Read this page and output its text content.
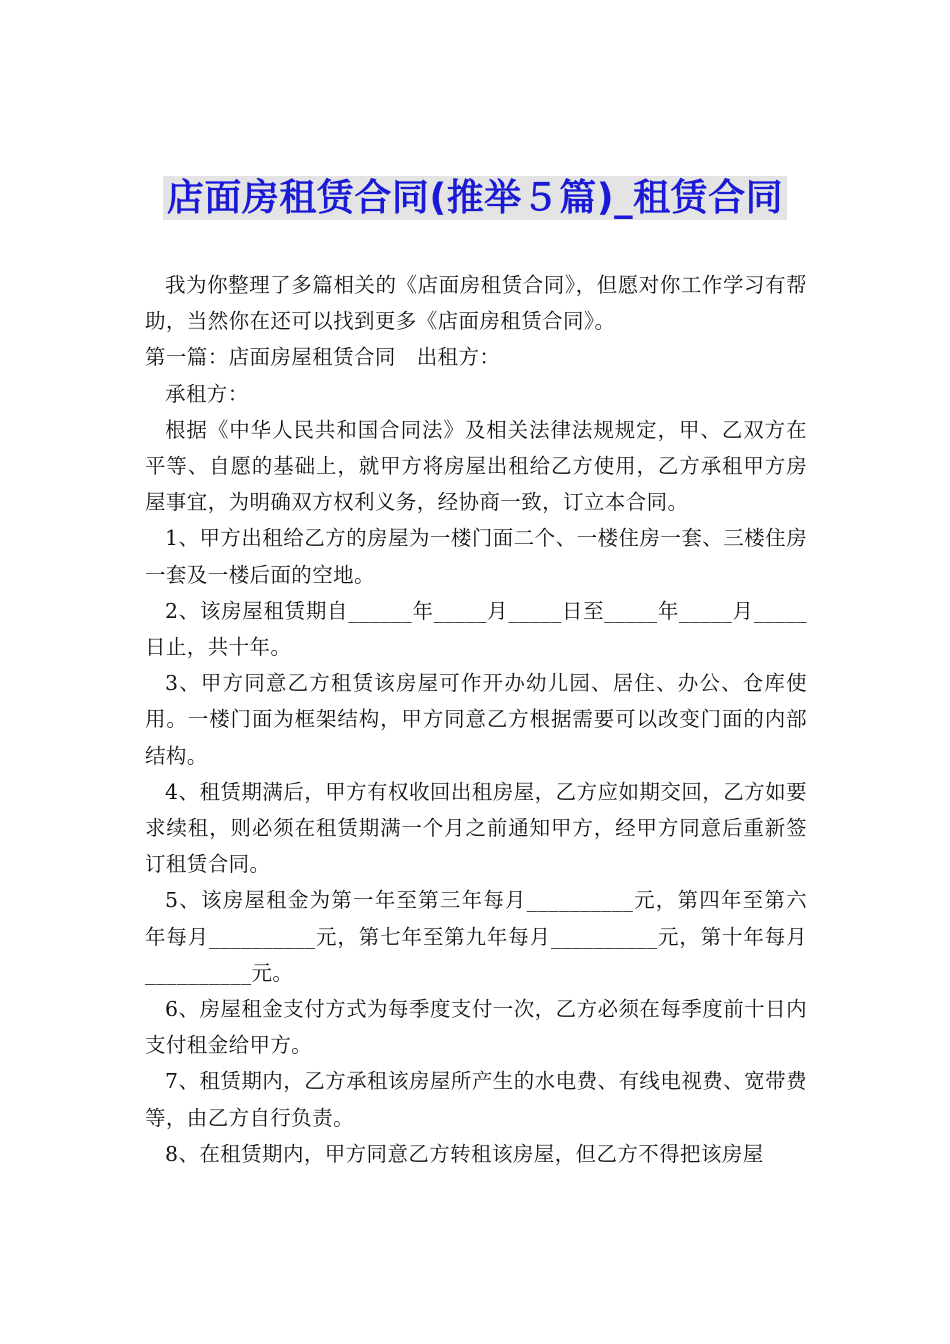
店面房租赁合同(推举５篇)_租赁合同

我为你整理了多篇相关的《店面房租赁合同》，但愿对你工作学习有帮助，当然你在还可以找到更多《店面房租赁合同》。

第一篇：店面房屋租赁合同　出租方：

承租方：

根据《中华人民共和国合同法》及相关法律法规规定，甲、乙双方在平等、自愿的基础上，就甲方将房屋出租给乙方使用，乙方承租甲方房屋事宜，为明确双方权利义务，经协商一致，订立本合同。

1、甲方出租给乙方的房屋为一楼门面二个、一楼住房一套、三楼住房一套及一楼后面的空地。

2、该房屋租赁期自______年_____月_____日至_____年_____月_____日止，共十年。

3、甲方同意乙方租赁该房屋可作开办幼儿园、居住、办公、仓库使用。一楼门面为框架结构，甲方同意乙方根据需要可以改变门面的内部结构。

4、租赁期满后，甲方有权收回出租房屋，乙方应如期交回，乙方如要求续租，则必须在租赁期满一个月之前通知甲方，经甲方同意后重新签订租赁合同。

5、该房屋租金为第一年至第三年每月__________元，第四年至第六年每月__________元，第七年至第九年每月__________元，第十年每月__________元。

6、房屋租金支付方式为每季度支付一次，乙方必须在每季度前十日内支付租金给甲方。

7、租赁期内，乙方承租该房屋所产生的水电费、有线电视费、宽带费等，由乙方自行负责。

8、在租赁期内，甲方同意乙方转租该房屋，但乙方不得把该房屋
